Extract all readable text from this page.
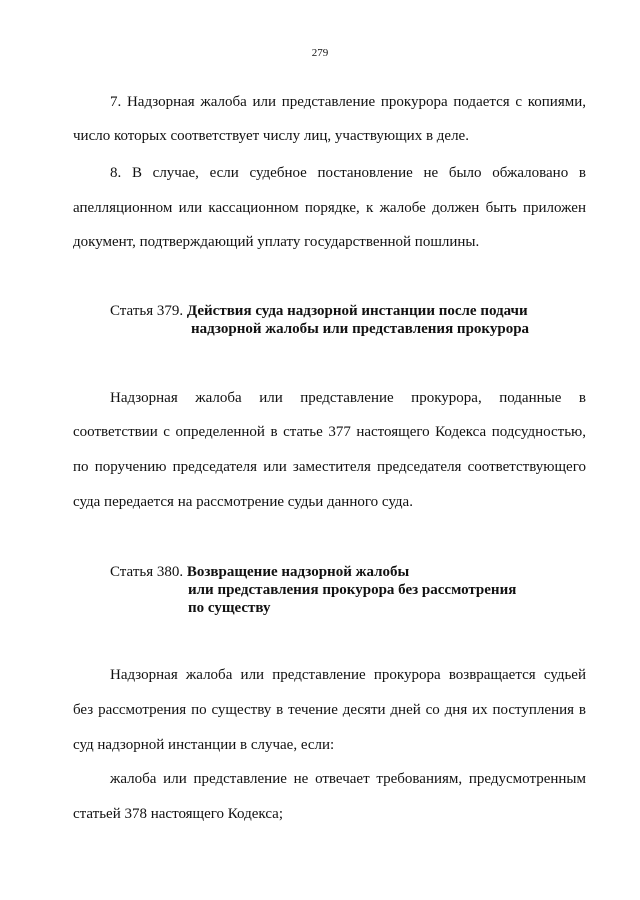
279
7. Надзорная жалоба или представление прокурора подается с копиями,
число которых соответствует числу лиц, участвующих в деле.
8. В случае, если судебное постановление не было обжаловано в
апелляционном или кассационном порядке, к жалобе должен быть приложен
документ, подтверждающий уплату государственной пошлины.
Статья 379. Действия суда надзорной инстанции после подачи
надзорной жалобы или представления прокурора
Надзорная жалоба или представление прокурора, поданные в
соответствии с определенной в статье 377 настоящего Кодекса подсудностью,
по поручению председателя или заместителя председателя соответствующего
суда передается на рассмотрение судьи данного суда.
Статья 380. Возвращение надзорной жалобы
или представления прокурора без рассмотрения
по существу
Надзорная жалоба или представление прокурора возвращается судьей
без рассмотрения по существу в течение десяти дней со дня их поступления в
суд надзорной инстанции в случае, если:
жалоба или представление не отвечает требованиям, предусмотренным
статьей 378 настоящего Кодекса;
